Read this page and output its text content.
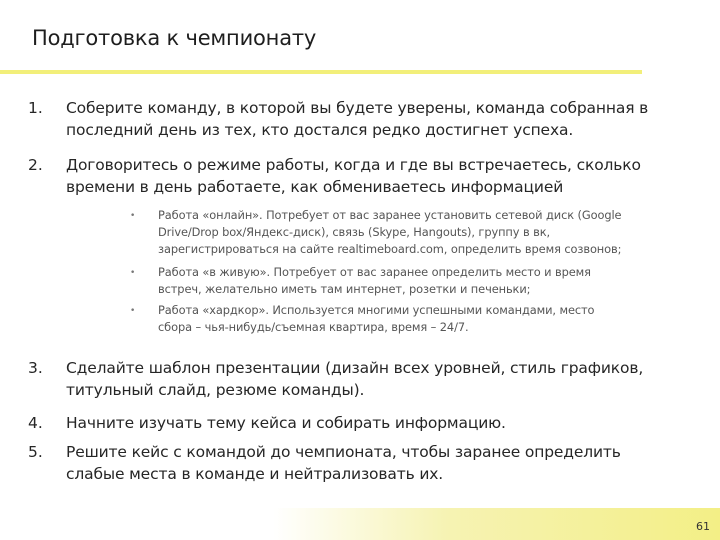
Подготовка к чемпионату
1. Соберите команду, в которой вы будете уверены, команда собранная в
последний день из тех, кто достался редко достигнет успеха.
2. Договоритесь о режиме работы, когда и где вы встречаетесь, сколько
времени в день работаете, как обмениваетесь информацией
• Работа «онлайн». Потребует от вас заранее установить сетевой диск (Google
Drive/Drop box/Яндекс-диск), связь (Skype, Hangouts), группу в вк,
зарегистрироваться на сайте realtimeboard.com, определить время созвонов;
• Работа «в живую». Потребует от вас заранее определить место и время
встреч, желательно иметь там интернет, розетки и печеньки;
• Работа «хардкор». Используется многими успешными командами, место
сбора – чья-нибудь/съемная квартира, время – 24/7.
3. Сделайте шаблон презентации (дизайн всех уровней, стиль графиков,
титульный слайд, резюме команды).
4. Начните изучать тему кейса и собирать информацию.
5. Решите кейс с командой до чемпионата, чтобы заранее определить
слабые места в команде и нейтрализовать их.
61
